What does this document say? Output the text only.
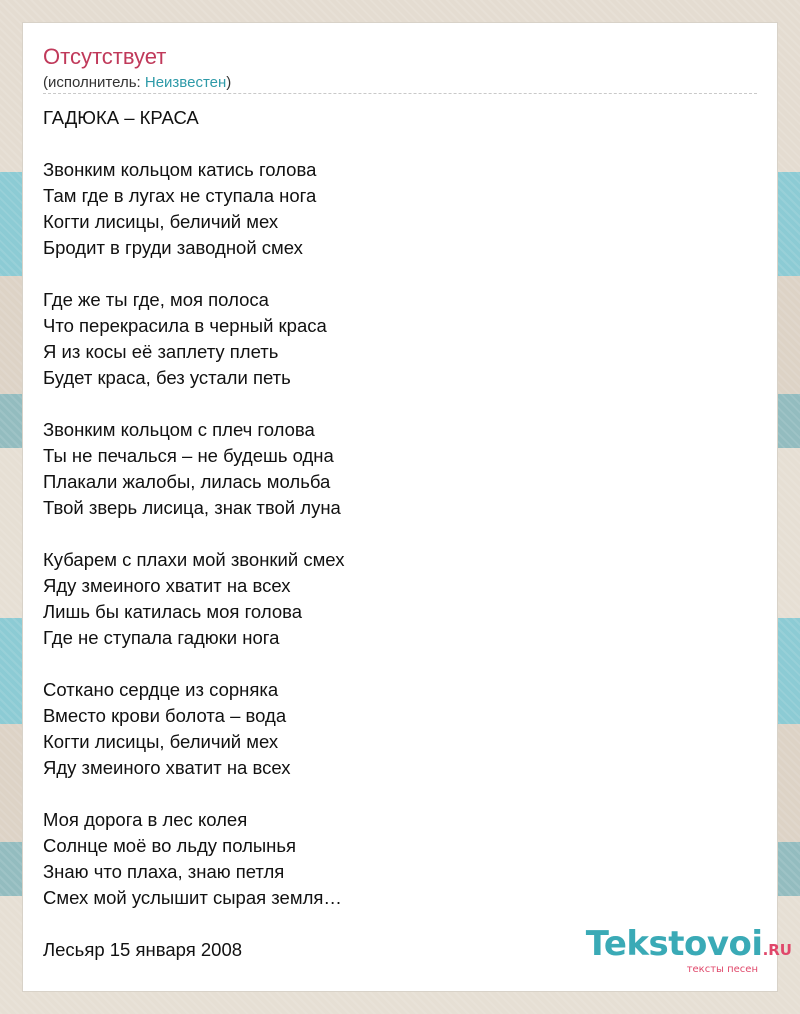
Отсутствует
(исполнитель: Неизвестен)
ГАДЮКА – КРАСА
Звонким кольцом катись голова
Там где в лугах не ступала нога
Когти лисицы, беличий мех
Бродит в груди заводной смех
Где же ты где, моя полоса
Что перекрасила в черный краса
Я из косы её заплету плеть
Будет краса, без устали петь
Звонким кольцом с плеч голова
Ты не печалься – не будешь одна
Плакали жалобы, лилась мольба
Твой зверь лисица, знак твой луна
Кубарем с плахи мой звонкий смех
Яду змеиного хватит на всех
Лишь бы катилась моя голова
Где не ступала гадюки нога
Соткано сердце из сорняка
Вместо крови болота – вода
Когти лисицы, беличий мех
Яду змеиного хватит на всех
Моя дорога в лес колея
Солнце моё во льду полынья
Знаю что плаха, знаю петля
Смех мой услышит сырая земля…
Лесьяр 15 января 2008	Tekstovoi.RU
тексты песен
